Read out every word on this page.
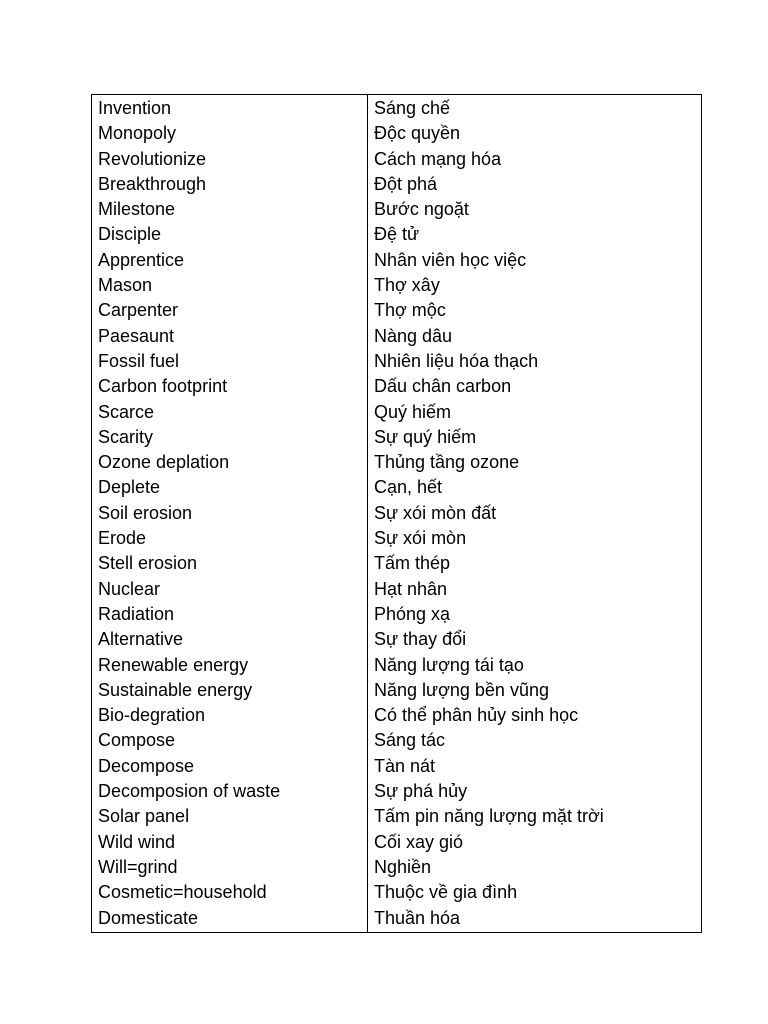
Invention	Sáng chế
Monopoly	Độc quyền
Revolutionize	Cách mạng hóa
Breakthrough	Đột phá
Milestone	Bước ngoặt
Disciple	Đệ tử
Apprentice	Nhân viên học việc
Mason	Thợ xây
Carpenter	Thợ mộc
Paesaunt	Nàng dâu
Fossil fuel	Nhiên liệu hóa thạch
Carbon footprint	Dấu chân carbon
Scarce	Quý hiếm
Scarity	Sự quý hiếm
Ozone deplation	Thủng tầng ozone
Deplete	Cạn, hết
Soil erosion	Sự xói mòn đất
Erode	Sự xói mòn
Stell erosion	Tấm thép
Nuclear	Hạt nhân
Radiation	Phóng xạ
Alternative	Sự thay đổi
Renewable energy	Năng lượng tái tạo
Sustainable energy	Năng lượng bền vũng
Bio-degration	Có thể phân hủy sinh học
Compose	Sáng tác
Decompose	Tàn nát
Decomposion of waste	Sự phá hủy
Solar panel	Tấm pin năng lượng mặt trời
Wild wind	Cối xay gió
Will=grind	Nghiền
Cosmetic=household	Thuộc về gia đình
Domesticate	Thuần hóa
